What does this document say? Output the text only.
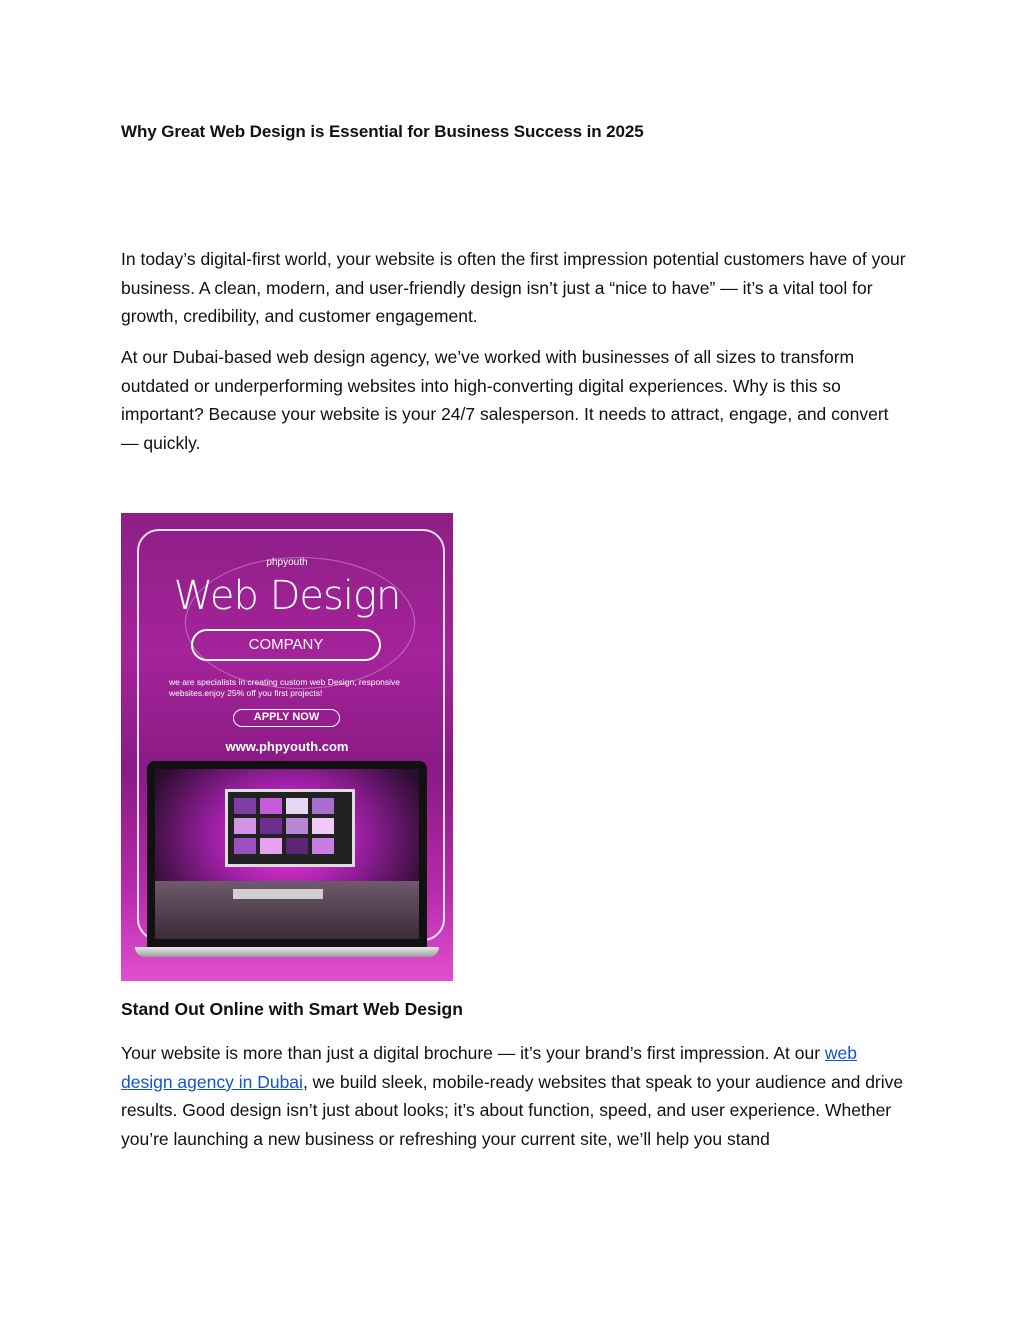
Why Great Web Design is Essential for Business Success in 2025

In today’s digital-first world, your website is often the first impression potential customers have of your business. A clean, modern, and user-friendly design isn’t just a “nice to have” — it’s a vital tool for growth, credibility, and customer engagement.

At our Dubai-based web design agency, we’ve worked with businesses of all sizes to transform outdated or underperforming websites into high-converting digital experiences. Why is this so important? Because your website is your 24/7 salesperson. It needs to attract, engage, and convert — quickly.

phpyouth
Web Design
COMPANY
we are specialists in creating custom web Design, responsive websites.enjoy 25% off you first projects!
APPLY NOW
www.phpyouth.com
Stand Out Online with Smart Web Design

Your website is more than just a digital brochure — it’s your brand’s first impression. At our web design agency in Dubai, we build sleek, mobile-ready websites that speak to your audience and drive results. Good design isn’t just about looks; it’s about function, speed, and user experience. Whether you’re launching a new business or refreshing your current site, we’ll help you stand
